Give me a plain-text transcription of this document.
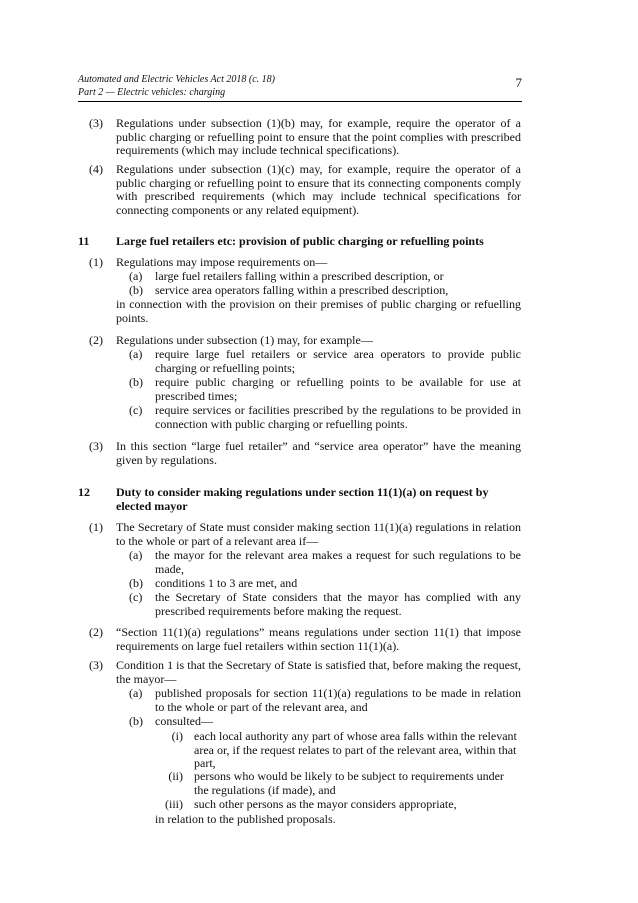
Automated and Electric Vehicles Act 2018 (c. 18)
Part 2 — Electric vehicles: charging
7
(3) Regulations under subsection (1)(b) may, for example, require the operator of a public charging or refuelling point to ensure that the point complies with prescribed requirements (which may include technical specifications).
(4) Regulations under subsection (1)(c) may, for example, require the operator of a public charging or refuelling point to ensure that its connecting components comply with prescribed requirements (which may include technical specifications for connecting components or any related equipment).
11 Large fuel retailers etc: provision of public charging or refuelling points
(1) Regulations may impose requirements on—
(a) large fuel retailers falling within a prescribed description, or
(b) service area operators falling within a prescribed description,
in connection with the provision on their premises of public charging or refuelling points.
(2) Regulations under subsection (1) may, for example—
(a) require large fuel retailers or service area operators to provide public charging or refuelling points;
(b) require public charging or refuelling points to be available for use at prescribed times;
(c) require services or facilities prescribed by the regulations to be provided in connection with public charging or refuelling points.
(3) In this section “large fuel retailer” and “service area operator” have the meaning given by regulations.
12 Duty to consider making regulations under section 11(1)(a) on request by elected mayor
(1) The Secretary of State must consider making section 11(1)(a) regulations in relation to the whole or part of a relevant area if—
(a) the mayor for the relevant area makes a request for such regulations to be made,
(b) conditions 1 to 3 are met, and
(c) the Secretary of State considers that the mayor has complied with any prescribed requirements before making the request.
(2) “Section 11(1)(a) regulations” means regulations under section 11(1) that impose requirements on large fuel retailers within section 11(1)(a).
(3) Condition 1 is that the Secretary of State is satisfied that, before making the request, the mayor—
(a) published proposals for section 11(1)(a) regulations to be made in relation to the whole or part of the relevant area, and
(b) consulted—
(i) each local authority any part of whose area falls within the relevant area or, if the request relates to part of the relevant area, within that part,
(ii) persons who would be likely to be subject to requirements under the regulations (if made), and
(iii) such other persons as the mayor considers appropriate,
in relation to the published proposals.
